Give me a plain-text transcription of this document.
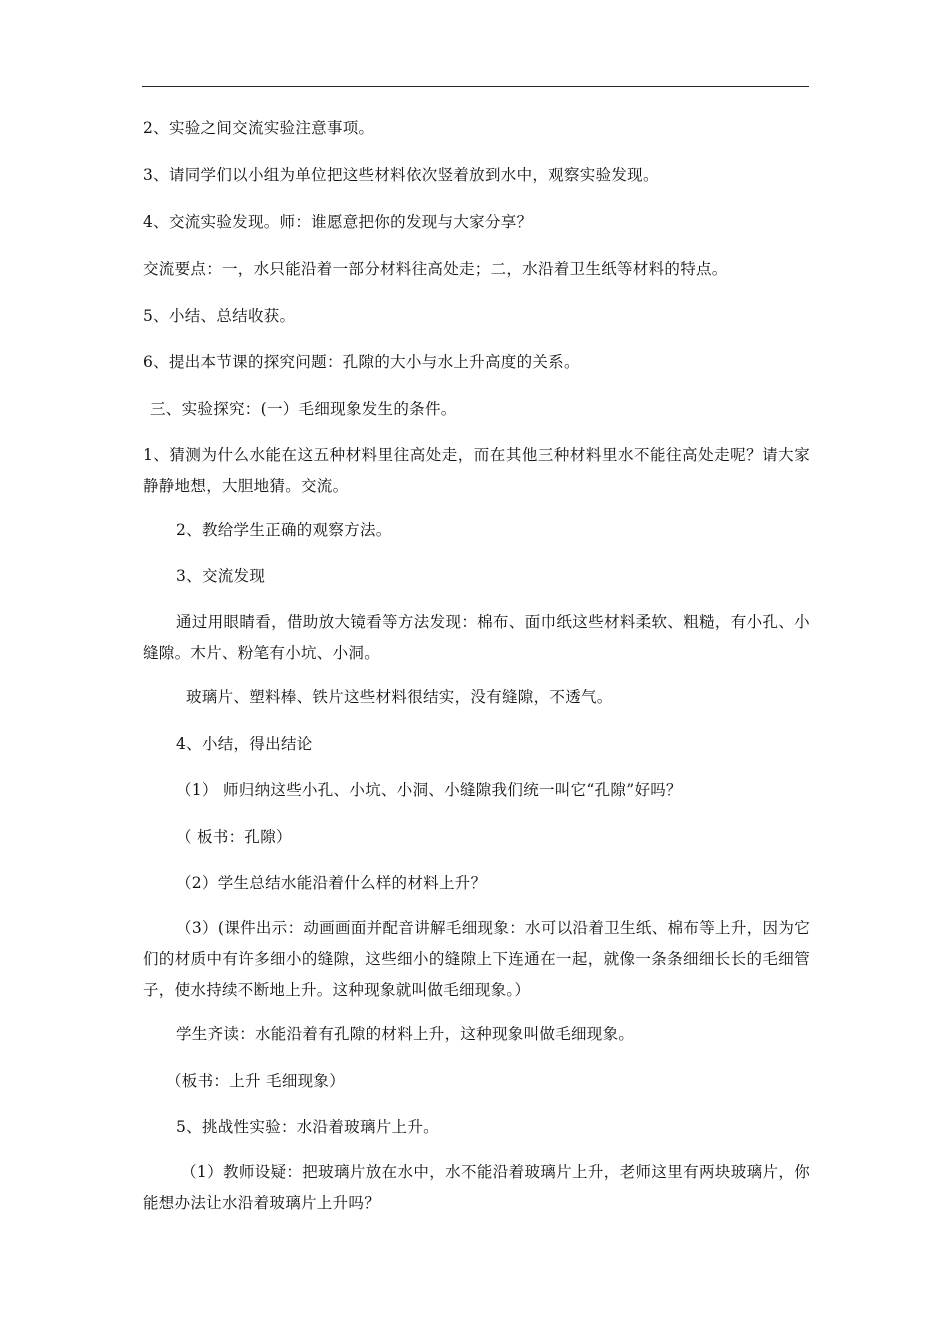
2、实验之间交流实验注意事项。
3、请同学们以小组为单位把这些材料依次竖着放到水中，观察实验发现。
4、交流实验发现。师：谁愿意把你的发现与大家分享？
交流要点：一，水只能沿着一部分材料往高处走；二，水沿着卫生纸等材料的特点。
5、小结、总结收获。
6、提出本节课的探究问题：孔隙的大小与水上升高度的关系。
三、实验探究：(一）毛细现象发生的条件。
1、猜测为什么水能在这五种材料里往高处走，而在其他三种材料里水不能往高处走呢？请大家静静地想，大胆地猜。交流。
2、教给学生正确的观察方法。
3、交流发现
通过用眼睛看，借助放大镜看等方法发现：棉布、面巾纸这些材料柔软、粗糙，有小孔、小缝隙。木片、粉笔有小坑、小洞。
玻璃片、塑料棒、铁片这些材料很结实，没有缝隙，不透气。
4、小结，得出结论
（1） 师归纳这些小孔、小坑、小洞、小缝隙我们统一叫它“孔隙”好吗？
（ 板书：孔隙）
（2）学生总结水能沿着什么样的材料上升？
（3）(课件出示：动画画面并配音讲解毛细现象：水可以沿着卫生纸、棉布等上升，因为它们的材质中有许多细小的缝隙，这些细小的缝隙上下连通在一起，就像一条条细细长长的毛细管子，使水持续不断地上升。这种现象就叫做毛细现象。）
学生齐读：水能沿着有孔隙的材料上升，这种现象叫做毛细现象。
（板书：上升 毛细现象）
5、挑战性实验：水沿着玻璃片上升。
（1）教师设疑：把玻璃片放在水中，水不能沿着玻璃片上升，老师这里有两块玻璃片，你能想办法让水沿着玻璃片上升吗？
